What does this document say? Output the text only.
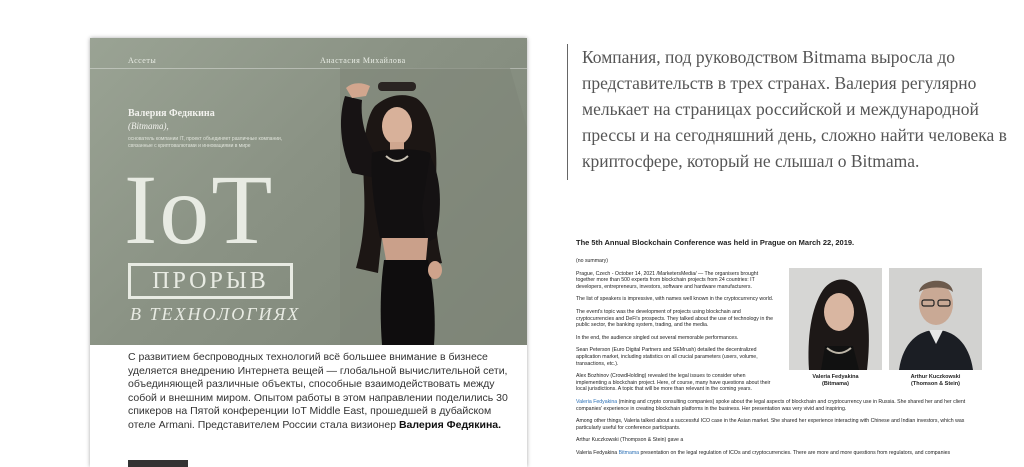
Ассеты	Анастасия Михайлова
Валерия Федякина
(Bitmama),
основатель компании IT, проект объединяет различные компании, связанные с криптовалютами и инновациями в мире
IoT
ПРОРЫВ
В ТЕХНОЛОГИЯХ
С развитием беспроводных технологий всё большее внимание в бизнесе уделяется внедрению Интернета вещей — глобальной вычислительной сети, объединяющей различные объекты, способные взаимодействовать между собой и внешним миром. Опытом работы в этом направлении поделились 30 спикеров на Пятой конференции IoT Middle East, прошедшей в дубайском отеле Armani. Представителем России стала визионер Валерия Федякина.
Компания, под руководством Bitmama выросла до представительств в трех странах. Валерия регулярно мелькает на страницах российской и международной прессы и на сегодняшний день, сложно найти человека в криптосфере, который не слышал о Bitmama.
The 5th Annual Blockchain Conference was held in Prague on March 22, 2019.
(no summary)
Prague, Czech - October 14, 2021 /MarketersMedia/ — The organisers brought together more than 500 experts from blockchain projects from 24 countries: IT developers, entrepreneurs, investors, software and hardware manufacturers.
The list of speakers is impressive, with names well known in the cryptocurrency world.
The event's topic was the development of projects using blockchain and cryptocurrencies and DeFi's prospects. They talked about the use of technology in the public sector, the banking system, trading, and the media.
In the end, the audience singled out several memorable performances.
Sean Peterson (Euro Digital Partners and SEMrush) detailed the decentralized application market, including statistics on all crucial parameters (users, volume, transactions, etc.).
Alex Bozhinov (CrowdHolding) revealed the legal issues to consider when implementing a blockchain project. Here, of course, many have questions about their local jurisdictions. A topic that will be more than relevant in the coming years.
Valeria Fedyakina (mining and crypto consulting companies) spoke about the legal aspects of blockchain and cryptocurrency use in Russia. She shared her and her client companies' experience in creating blockchain platforms in the business. Her presentation was very vivid and inspiring.
Among other things, Valeria talked about a successful ICO case in the Asian market. She shared her experience interacting with Chinese and Indian investors, which was particularly useful for conference participants.
Arthur Kuczkowski (Thompson & Stein) gave a
Valeria Fedyakina Bitmama presentation on the legal regulation of ICOs and cryptocurrencies. There are more and more questions from regulators, and companies
Valeria Fedyakina
(Bitmama)
Arthur Kuczkowski
(Thomson & Stein)
